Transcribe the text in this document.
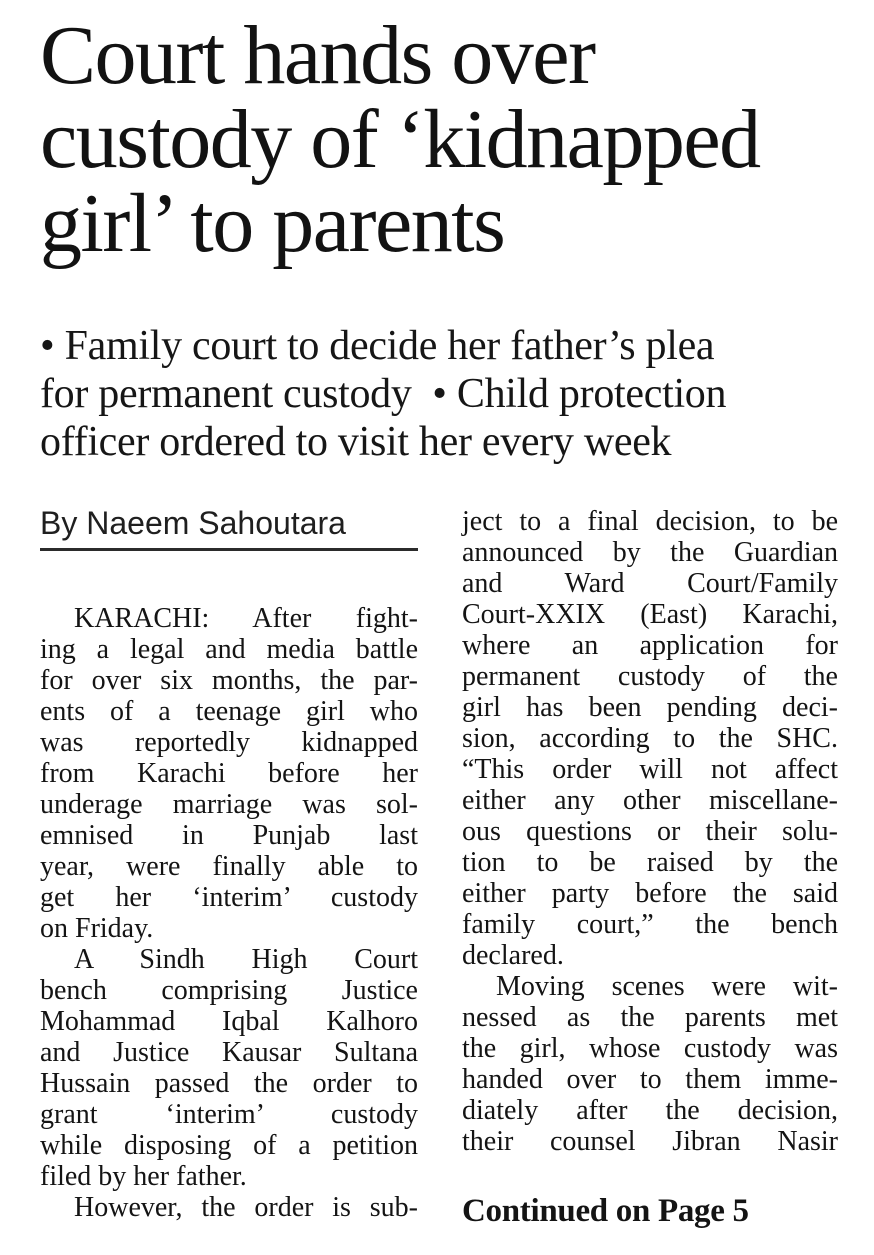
Court hands over
custody of ‘kidnapped
girl’ to parents
• Family court to decide her father’s plea
for permanent custody • Child protection
officer ordered to visit her every week
By Naeem Sahoutara
KARACHI: After fight-
ing a legal and media battle
for over six months, the par-
ents of a teenage girl who
was reportedly kidnapped
from Karachi before her
underage marriage was sol-
emnised in Punjab last
year, were finally able to
get her ‘interim’ custody
on Friday.
A Sindh High Court
bench comprising Justice
Mohammad Iqbal Kalhoro
and Justice Kausar Sultana
Hussain passed the order to
grant ‘interim’ custody
while disposing of a petition
filed by her father.
However, the order is sub-
ject to a final decision, to be
announced by the Guardian
and Ward Court/Family
Court-XXIX (East) Karachi,
where an application for
permanent custody of the
girl has been pending deci-
sion, according to the SHC.
“This order will not affect
either any other miscellane-
ous questions or their solu-
tion to be raised by the
either party before the said
family court,” the bench
declared.
Moving scenes were wit-
nessed as the parents met
the girl, whose custody was
handed over to them imme-
diately after the decision,
their counsel Jibran Nasir
Continued on Page 5
